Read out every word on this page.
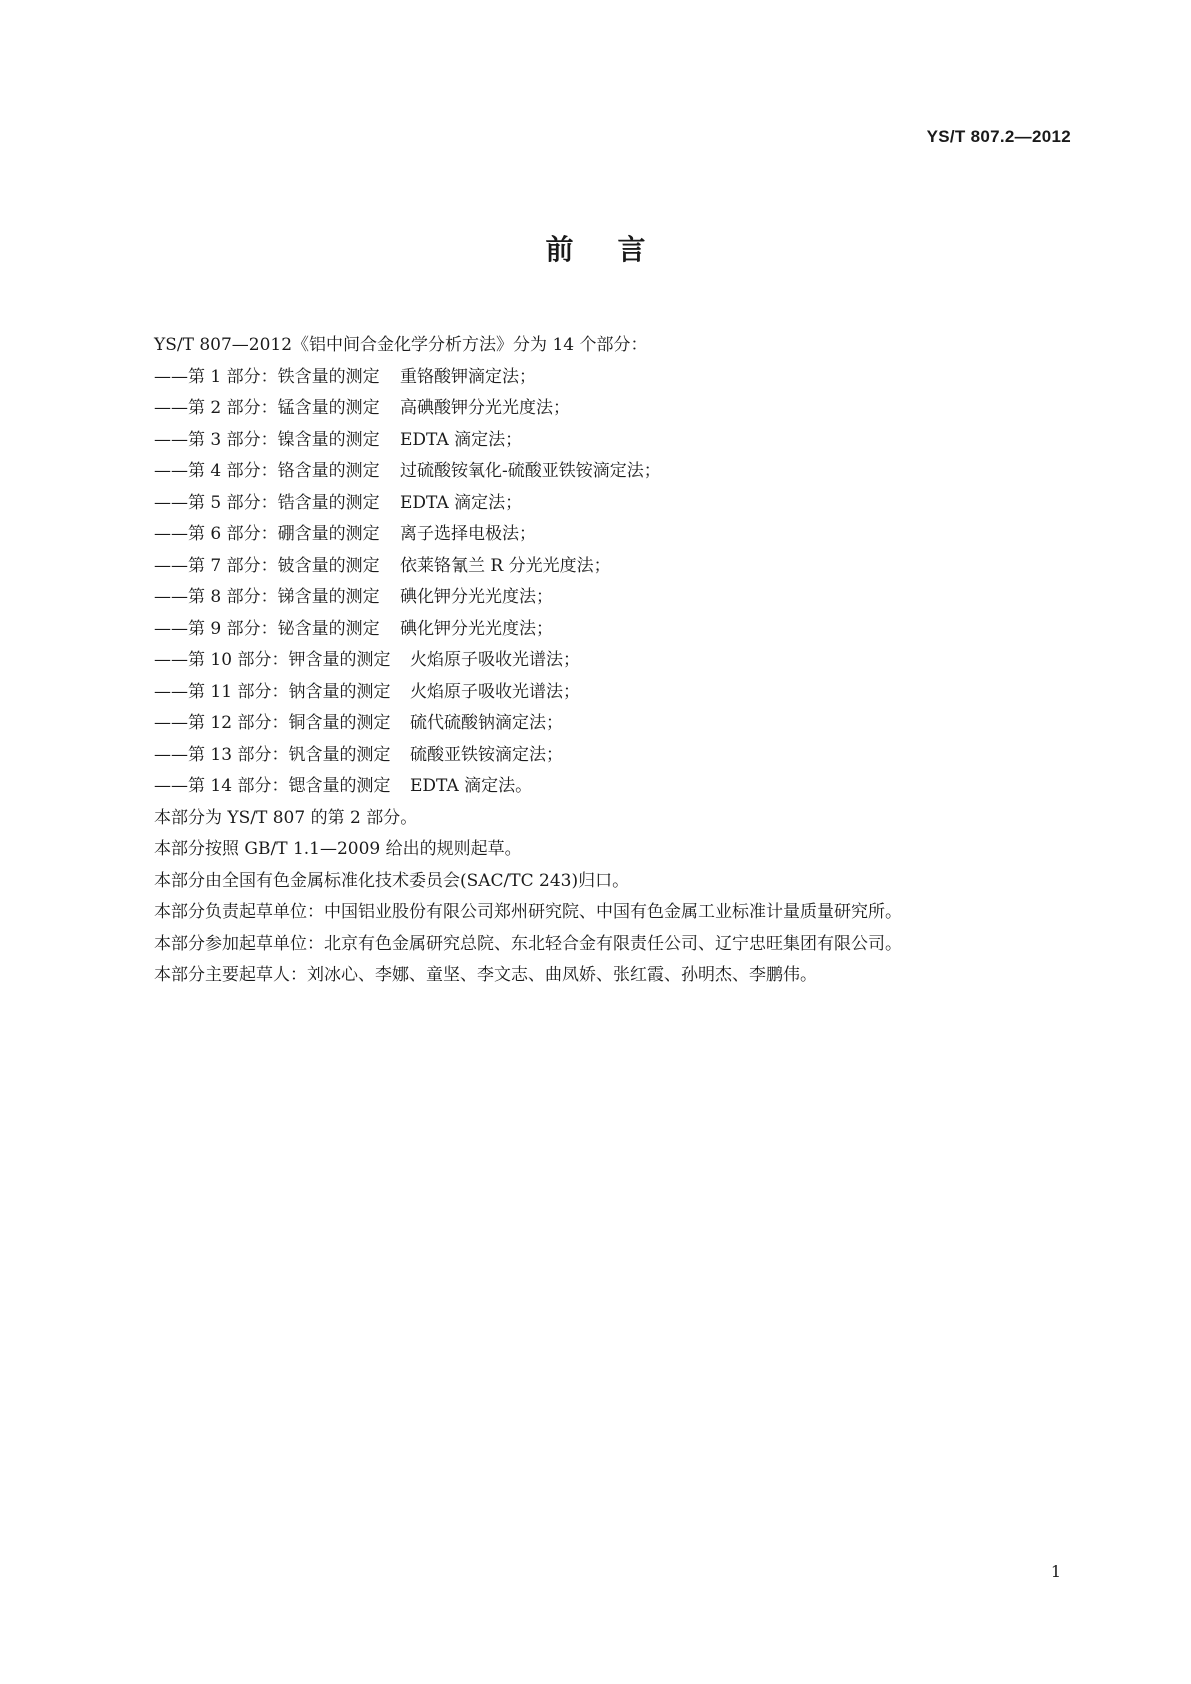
YS/T 807.2—2012
前言

YS/T 807—2012《铝中间合金化学分析方法》分为 14 个部分：

——第 1 部分：铁含量的测定 重铬酸钾滴定法；

——第 2 部分：锰含量的测定 高碘酸钾分光光度法；

——第 3 部分：镍含量的测定 EDTA 滴定法；

——第 4 部分：铬含量的测定 过硫酸铵氧化-硫酸亚铁铵滴定法；

——第 5 部分：锆含量的测定 EDTA 滴定法；

——第 6 部分：硼含量的测定 离子选择电极法；

——第 7 部分：铍含量的测定 依莱铬氰兰 R 分光光度法；

——第 8 部分：锑含量的测定 碘化钾分光光度法；

——第 9 部分：铋含量的测定 碘化钾分光光度法；

——第 10 部分：钾含量的测定 火焰原子吸收光谱法；

——第 11 部分：钠含量的测定 火焰原子吸收光谱法；

——第 12 部分：铜含量的测定 硫代硫酸钠滴定法；

——第 13 部分：钒含量的测定 硫酸亚铁铵滴定法；

——第 14 部分：锶含量的测定 EDTA 滴定法。

本部分为 YS/T 807 的第 2 部分。

本部分按照 GB/T 1.1—2009 给出的规则起草。

本部分由全国有色金属标准化技术委员会(SAC/TC 243)归口。

本部分负责起草单位：中国铝业股份有限公司郑州研究院、中国有色金属工业标准计量质量研究所。

本部分参加起草单位：北京有色金属研究总院、东北轻合金有限责任公司、辽宁忠旺集团有限公司。

本部分主要起草人：刘冰心、李娜、童坚、李文志、曲凤娇、张红霞、孙明杰、李鹏伟。

1
